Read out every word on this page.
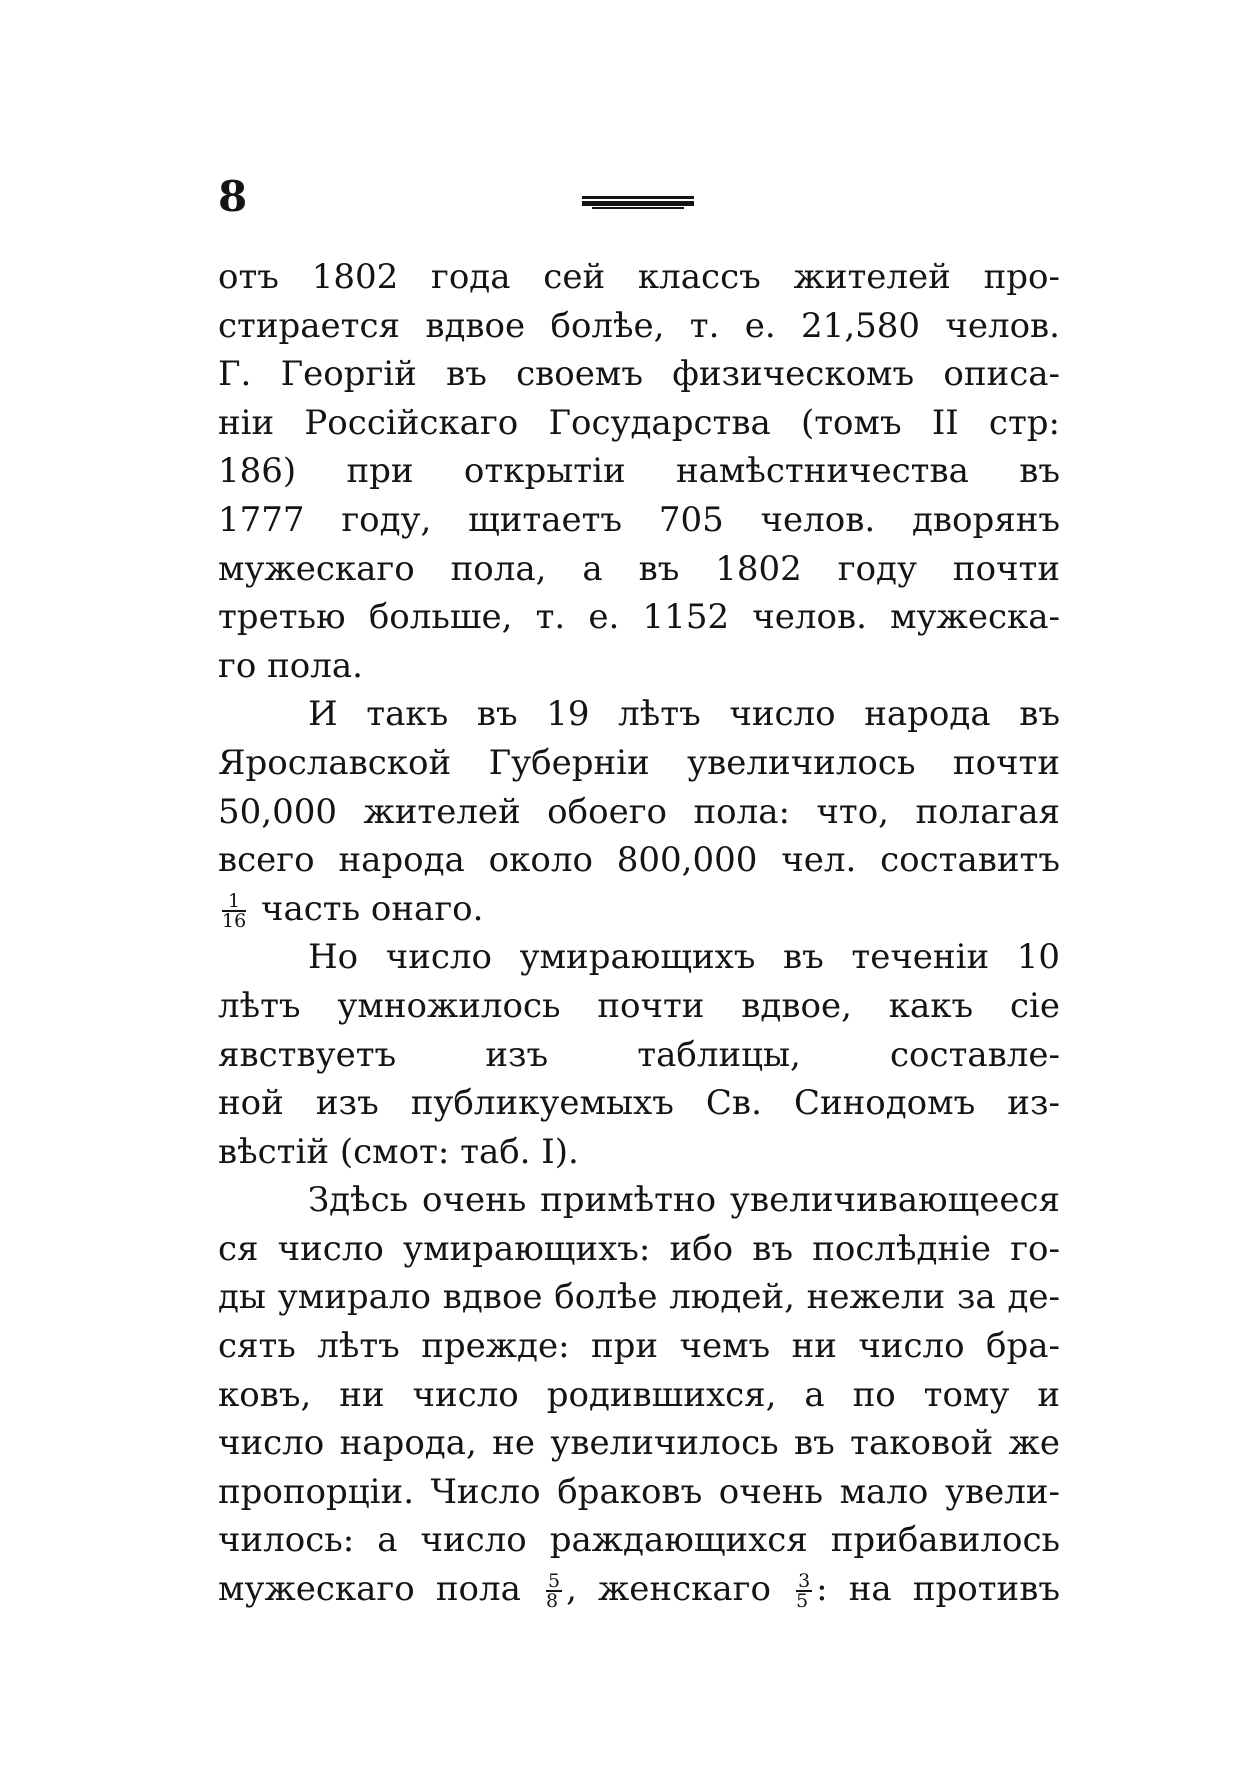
8
отъ 1802 года сей классъ жителей про-
стирается вдвое болѣе, т. е. 21,580 челов.
Г. Георгій въ своемъ физическомъ описа-
ніи Россійскаго Государства (томъ II стр:
186) при открытіи намѣстничества въ
1777 году, щитаетъ 705 челов. дворянъ
мужескаго пола, а въ 1802 году почти
третью больше, т. е. 1152 челов. мужеска-
го пола.
И такъ въ 19 лѣтъ число народа въ
Ярославской Губерніи увеличилось почти
50,000 жителей обоего пола: что, полагая
всего народа около 800,000 чел. составитъ
$\frac{1}{16}$ часть онаго.
Но число умирающихъ въ теченіи 10
лѣтъ умножилось почти вдвое, какъ сіе
явствуетъ изъ таблицы, составле-
ной изъ публикуемыхъ Св. Синодомъ из-
вѣстій (смот: таб. I).
Здѣсь очень примѣтно увеличивающееся
ся число умирающихъ: ибо въ послѣдніе го-
ды умирало вдвое болѣе людей, нежели за де-
сять лѣтъ прежде: при чемъ ни число бра-
ковъ, ни число родившихся, а по тому и
число народа, не увеличилось въ таковой же
пропорціи. Число браковъ очень мало увели-
чилось: а число раждающихся прибавилось
мужескаго пола $\frac{5}{8}$ , женскаго $\frac{3}{5}$ : на противъ
